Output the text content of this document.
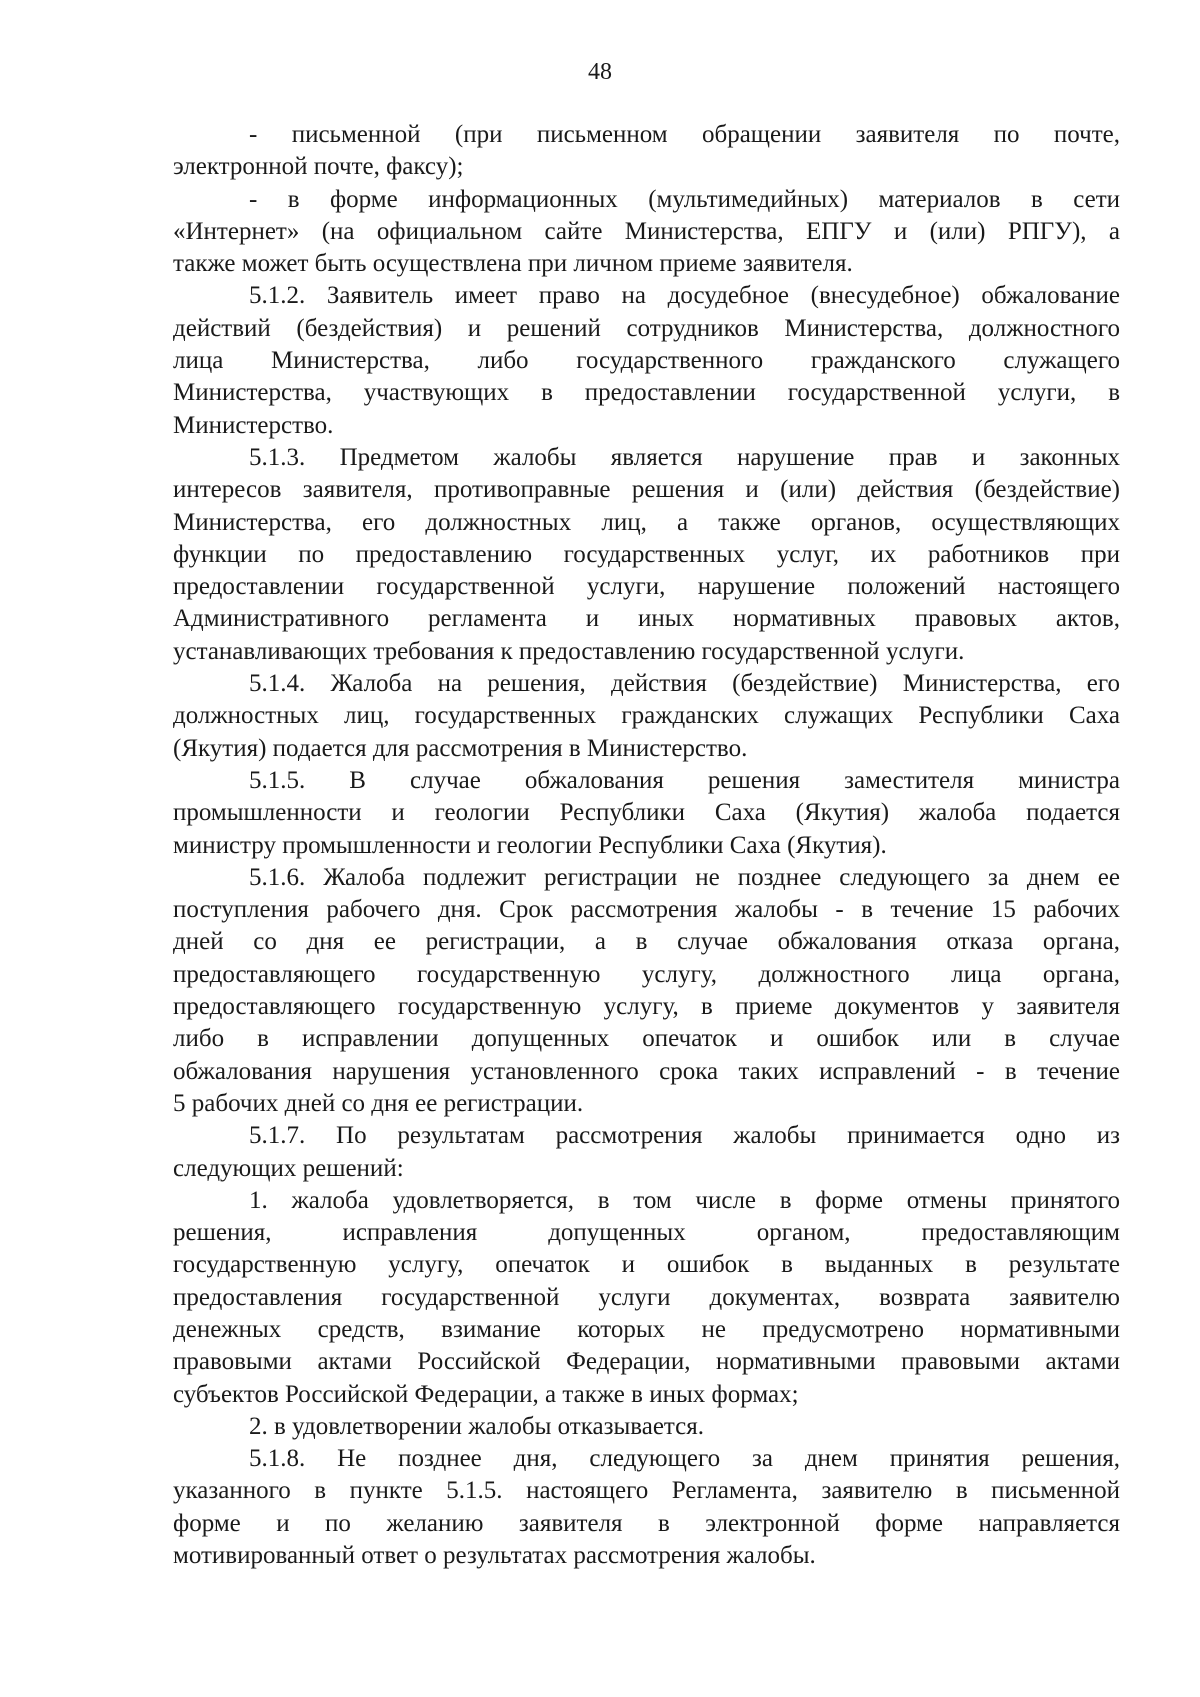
48
- письменной (при письменном обращении заявителя по почте,
электронной почте, факсу);
- в форме информационных (мультимедийных) материалов в сети
«Интернет» (на официальном сайте Министерства, ЕПГУ и (или) РПГУ), а
также может быть осуществлена при личном приеме заявителя.
5.1.2. Заявитель имеет право на досудебное (внесудебное) обжалование
действий (бездействия) и решений сотрудников Министерства, должностного
лица Министерства, либо государственного гражданского служащего
Министерства, участвующих в предоставлении государственной услуги, в
Министерство.
5.1.3. Предметом жалобы является нарушение прав и законных
интересов заявителя, противоправные решения и (или) действия (бездействие)
Министерства, его должностных лиц, а также органов, осуществляющих
функции по предоставлению государственных услуг, их работников при
предоставлении государственной услуги, нарушение положений настоящего
Административного регламента и иных нормативных правовых актов,
устанавливающих требования к предоставлению государственной услуги.
5.1.4. Жалоба на решения, действия (бездействие) Министерства, его
должностных лиц, государственных гражданских служащих Республики Саха
(Якутия) подается для рассмотрения в Министерство.
5.1.5. В случае обжалования решения заместителя министра
промышленности и геологии Республики Саха (Якутия) жалоба подается
министру промышленности и геологии Республики Саха (Якутия).
5.1.6. Жалоба подлежит регистрации не позднее следующего за днем ее
поступления рабочего дня. Срок рассмотрения жалобы - в течение 15 рабочих
дней со дня ее регистрации, а в случае обжалования отказа органа,
предоставляющего государственную услугу, должностного лица органа,
предоставляющего государственную услугу, в приеме документов у заявителя
либо в исправлении допущенных опечаток и ошибок или в случае
обжалования нарушения установленного срока таких исправлений - в течение
5 рабочих дней со дня ее регистрации.
5.1.7. По результатам рассмотрения жалобы принимается одно из
следующих решений:
1. жалоба удовлетворяется, в том числе в форме отмены принятого
решения, исправления допущенных органом, предоставляющим
государственную услугу, опечаток и ошибок в выданных в результате
предоставления государственной услуги документах, возврата заявителю
денежных средств, взимание которых не предусмотрено нормативными
правовыми актами Российской Федерации, нормативными правовыми актами
субъектов Российской Федерации, а также в иных формах;
2. в удовлетворении жалобы отказывается.
5.1.8. Не позднее дня, следующего за днем принятия решения,
указанного в пункте 5.1.5. настоящего Регламента, заявителю в письменной
форме и по желанию заявителя в электронной форме направляется
мотивированный ответ о результатах рассмотрения жалобы.
